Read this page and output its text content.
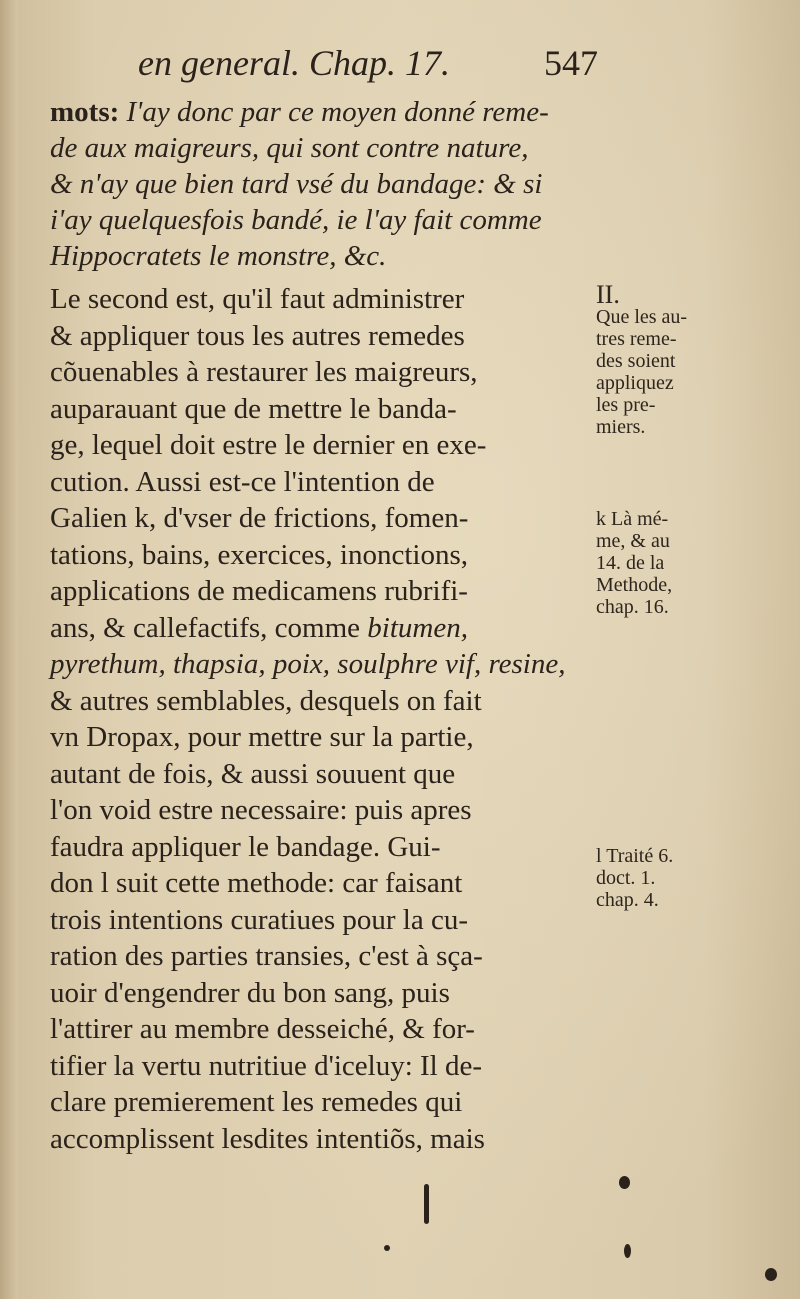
en general. Chap. 17.	547
mots: I'ay donc par ce moyen donné reme-
de aux maigreurs, qui sont contre nature,
& n'ay que bien tard vsé du bandage: & si
i'ay quelquesfois bandé, ie l'ay fait comme
Hippocratets le monstre, &c.
Le second est, qu'il faut administrer
& appliquer tous les autres remedes
cõuenables à restaurer les maigreurs,
auparauant que de mettre le banda-
ge, lequel doit estre le dernier en exe-
cution. Aussi est-ce l'intention de
Galien k, d'vser de frictions, fomen-
tations, bains, exercices, inonctions,
applications de medicamens rubrifi-
ans, & callefactifs, comme bitumen,
pyrethum, thapsia, poix, soulphre vif, resine,
& autres semblables, desquels on fait
vn Dropax, pour mettre sur la partie,
autant de fois, & aussi souuent que
l'on void estre necessaire: puis apres
faudra appliquer le bandage. Gui-
don l suit cette methode: car faisant
trois intentions curatiues pour la cu-
ration des parties transies, c'est à sça-
uoir d'engendrer du bon sang, puis
l'attirer au membre desseiché, & for-
tifier la vertu nutritiue d'iceluy: Il de-
clare premierement les remedes qui
accomplissent lesdites intentiõs, mais
II.
Que les au-
tres reme-
des soient
appliquez
les pre-
miers.
k Là mé-
me, & au
14. de la
Methode,
chap. 16.
l Traité 6.
doct. 1.
chap. 4.
